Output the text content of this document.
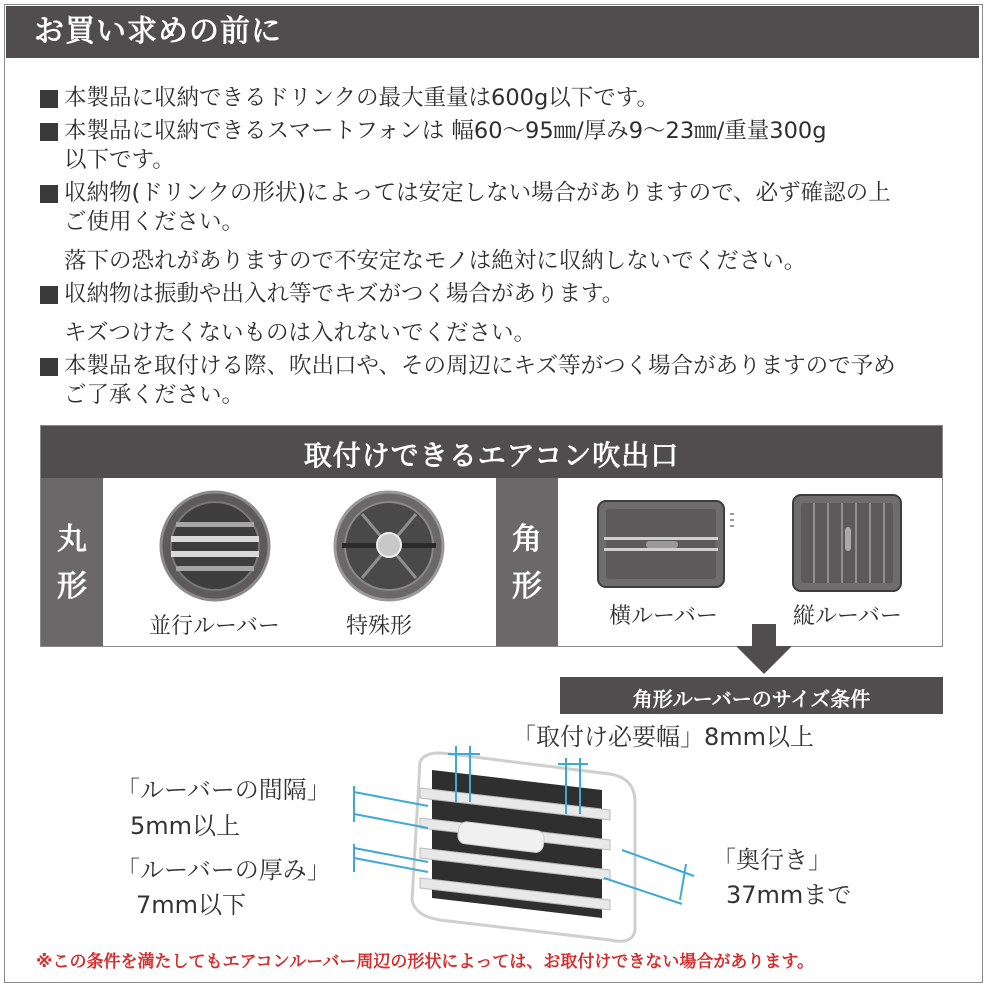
お買い求めの前に

本製品に収納できるドリンクの最大重量は600g以下です。

本製品に収納できるスマートフォンは 幅60～95㎜/厚み9～23㎜/重量300g

以下です。

収納物(ドリンクの形状)によっては安定しない場合がありますので、必ず確認の上

ご使用ください。

落下の恐れがありますので不安定なモノは絶対に収納しないでください。

収納物は振動や出入れ等でキズがつく場合があります。

キズつけたくないものは入れないでください。

本製品を取付ける際、吹出口や、その周辺にキズ等がつく場合がありますので予め

ご了承ください。

取付けできるエアコン吹出口
丸
形
角
形
並行ルーバー	特殊形	横ルーバー	縦ルーバー
角形ルーバーのサイズ条件
「取付け必要幅」8mm以上
「ルーバーの間隔」
5mm以上
「ルーバーの厚み」
7mm以下
「奥行き」
37mmまで
※この条件を満たしてもエアコンルーバー周辺の形状によっては、お取付けできない場合があります。
